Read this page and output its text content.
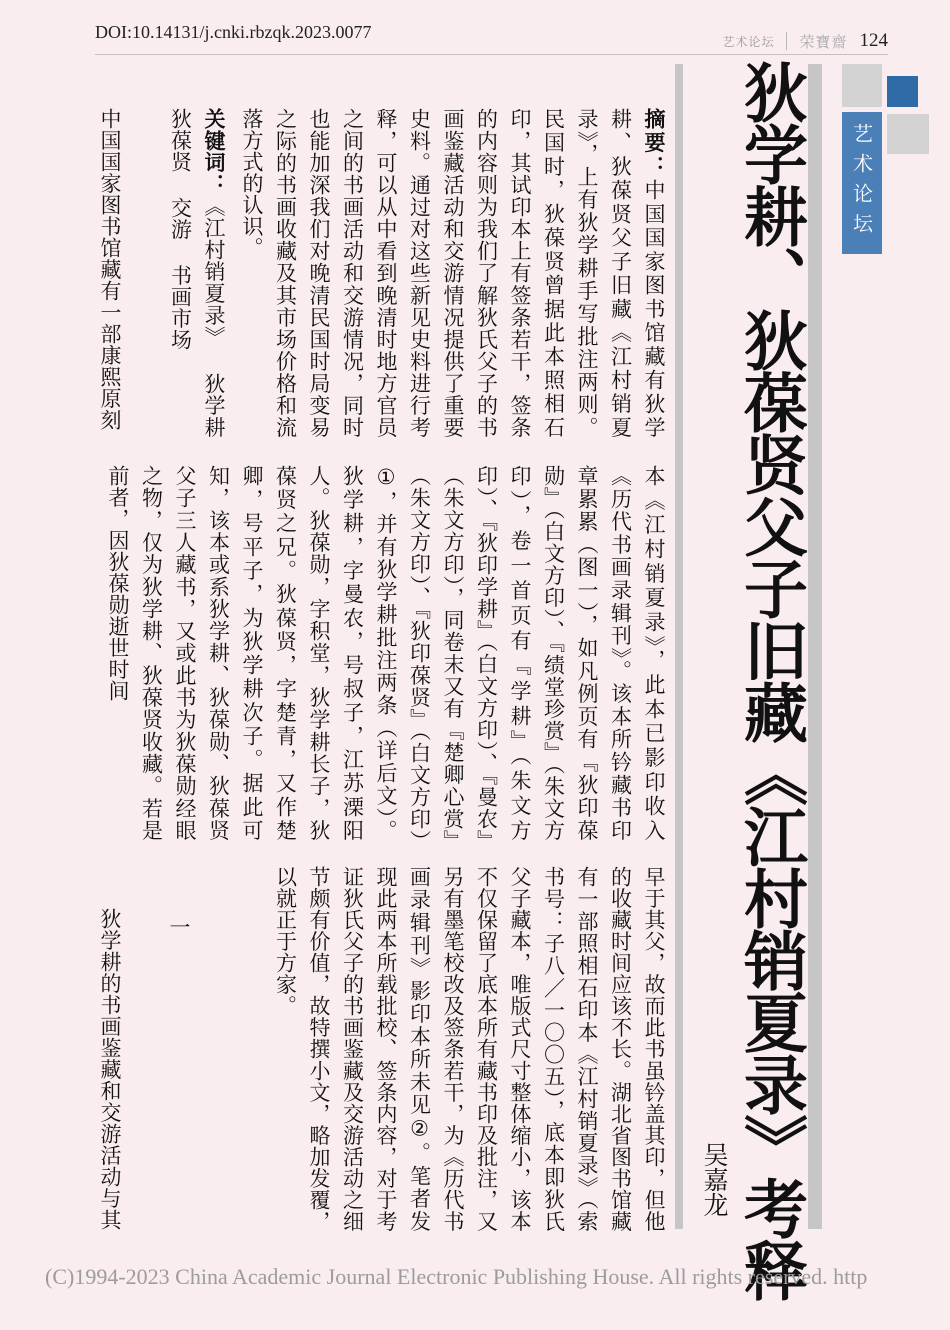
DOI:10.14131/j.cnki.rbzqk.2023.0077	艺术论坛 荣寶齋 124
艺术论坛
狄学耕、狄葆贤父子旧藏《江村销夏录》考释
吴嘉龙
摘要：中国国家图书馆藏有狄学耕、狄葆贤父子旧藏《江村销夏录》，上有狄学耕手写批注两则。民国时，狄葆贤曾据此本照相石印，其试印本上有签条若干，签条的内容则为我们了解狄氏父子的书画鉴藏活动和交游情况提供了重要史料。通过对这些新见史料进行考释，可以从中看到晚清时地方官员之间的书画活动和交游情况，同时也能加深我们对晚清民国时局变易之际的书画收藏及其市场价格和流落方式的认识。
关键词：《江村销夏录》 狄学耕 狄葆贤 交游 书画市场
中国国家图书馆藏有一部康熙原刻
本《江村销夏录》，此本已影印收入《历代书画录辑刊》。该本所钤藏书印章累累（图一），如凡例页有『狄印葆勋』（白文方印）、『绩堂珍赏』（朱文方印），卷一首页有『学耕』（朱文方印）、『狄印学耕』（白文方印）、『曼农』（朱文方印），同卷末又有『楚卿心赏』（朱文方印）、『狄印葆贤』（白文方印）①，并有狄学耕批注两条（详后文）。狄学耕，字曼农，号叔子，江苏溧阳人。狄葆勋，字积堂，狄学耕长子，狄葆贤之兄。狄葆贤，字楚青，又作楚卿，号平子，为狄学耕次子。据此可知，该本或系狄学耕、狄葆勋、狄葆贤父子三人藏书，又或此书为狄葆勋经眼之物，仅为狄学耕、狄葆贤收藏。若是前者，因狄葆勋逝世时间
早于其父，故而此书虽钤盖其印，但他的收藏时间应该不长。湖北省图书馆藏有一部照相石印本《江村销夏录》（索书号：子八／一〇〇五），底本即狄氏父子藏本，唯版式尺寸整体缩小，该本不仅保留了底本所有藏书印及批注，又另有墨笔校改及签条若干，为《历代书画录辑刊》影印本所未见②。笔者发现此两本所载批校、签条内容，对于考证狄氏父子的书画鉴藏及交游活动之细节颇有价值，故特撰小文，略加发覆，以就正于方家。
一
狄学耕的书画鉴藏和交游活动与其
(C)1994-2023 China Academic Journal Electronic Publishing House. All rights reserved. http
